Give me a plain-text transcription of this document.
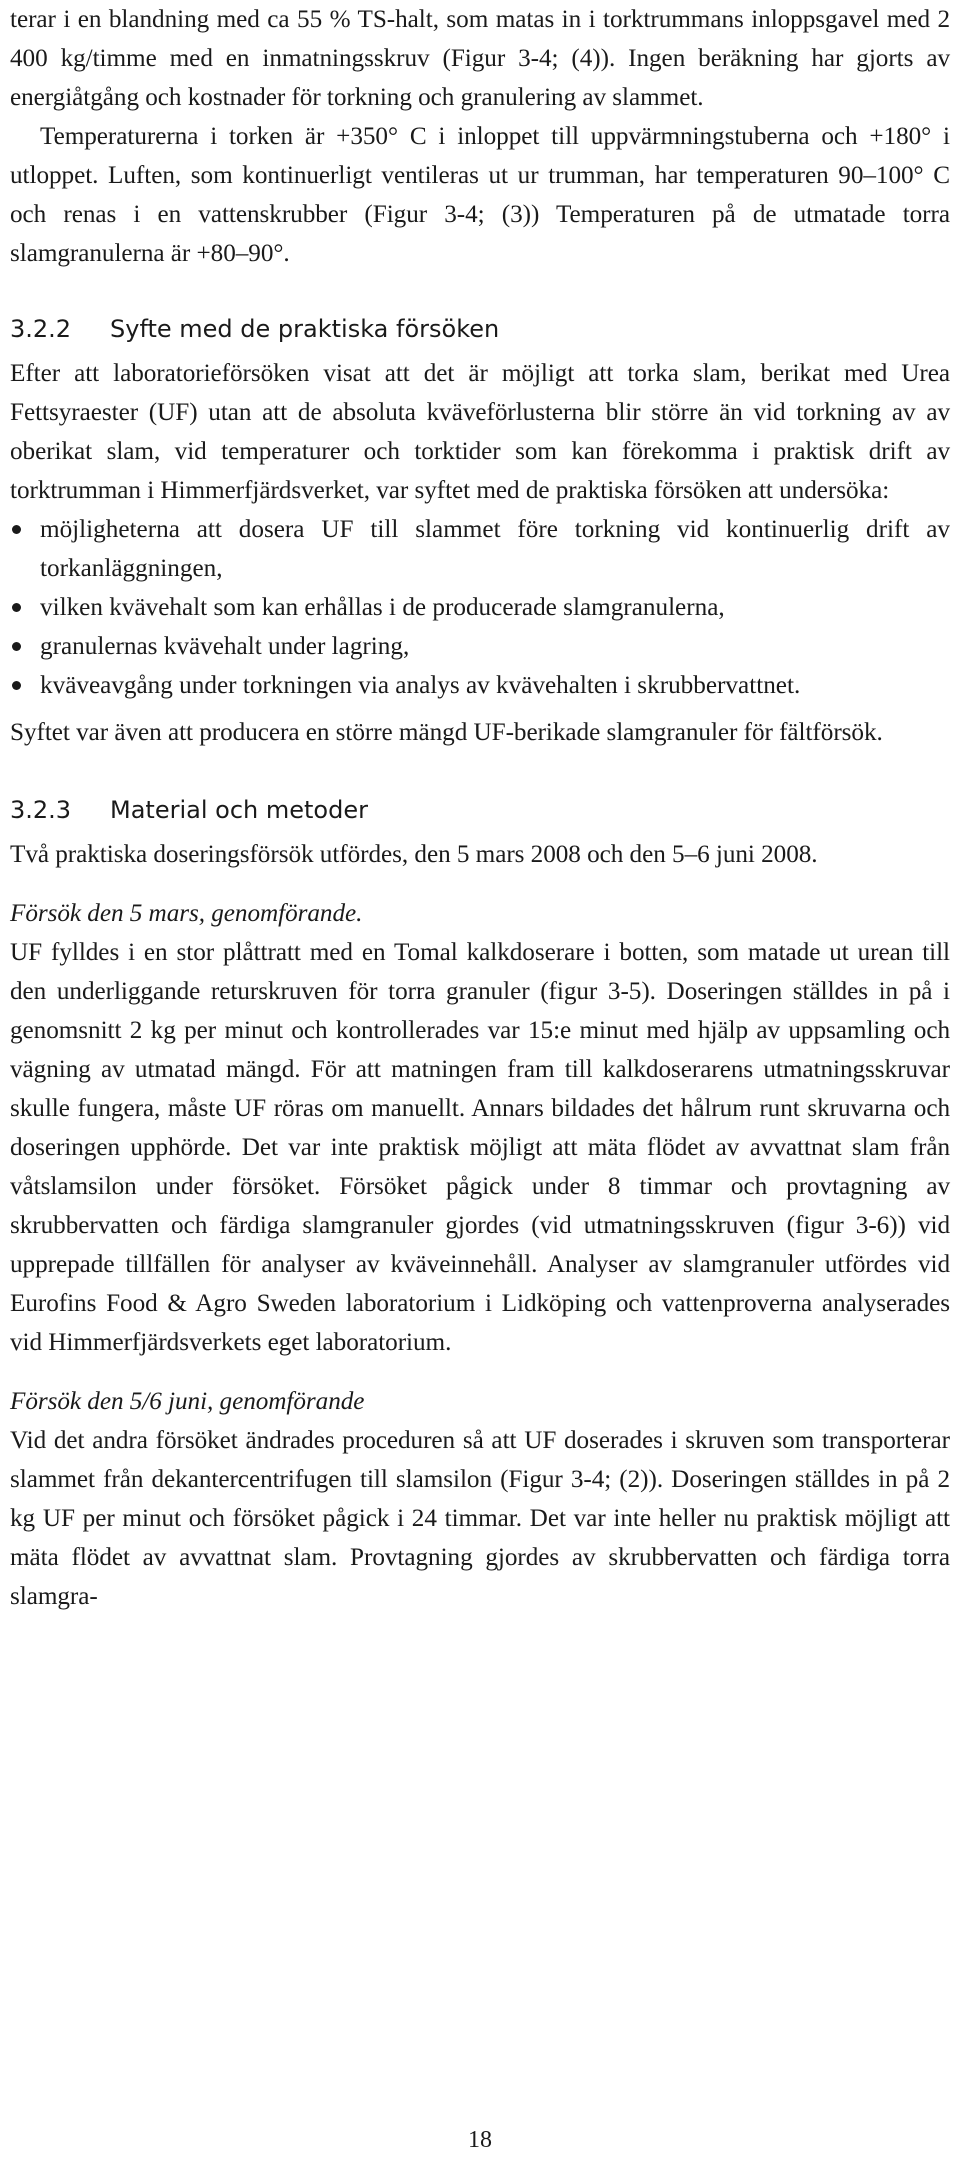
terar i en blandning med ca 55 % TS-halt, som matas in i torktrummans inloppsgavel med 2 400 kg/timme med en inmatningsskruv (Figur 3-4; (4)). Ingen beräkning har gjorts av energiåtgång och kostnader för torkning och granulering av slammet.

Temperaturerna i torken är +350° C i inloppet till uppvärmningstuberna och +180° i utloppet. Luften, som kontinuerligt ventileras ut ur trumman, har temperaturen 90–100° C och renas i en vattenskrubber (Figur 3-4; (3)) Temperaturen på de utmatade torra slamgranulerna är +80–90°.

3.2.2 Syfte med de praktiska försöken

Efter att laboratorieförsöken visat att det är möjligt att torka slam, berikat med Urea Fettsyraester (UF) utan att de absoluta kväveförlusterna blir större än vid torkning av av oberikat slam, vid temperaturer och torktider som kan förekomma i praktisk drift av torktrumman i Himmerfjärdsverket, var syftet med de praktiska försöken att undersöka:

möjligheterna att dosera UF till slammet före torkning vid kontinuerlig drift av torkanläggningen,
vilken kvävehalt som kan erhållas i de producerade slamgranulerna,
granulernas kvävehalt under lagring,
kväveavgång under torkningen via analys av kvävehalten i skrubbervattnet.

Syftet var även att producera en större mängd UF-berikade slamgranuler för fältförsök.

3.2.3 Material och metoder

Två praktiska doseringsförsök utfördes, den 5 mars 2008 och den 5–6 juni 2008.

Försök den 5 mars, genomförande.

UF fylldes i en stor plåttratt med en Tomal kalkdoserare i botten, som matade ut urean till den underliggande returskruven för torra granuler (figur 3-5). Doseringen ställdes in på i genomsnitt 2 kg per minut och kontrollerades var 15:e minut med hjälp av uppsamling och vägning av utmatad mängd. För att matningen fram till kalkdoserarens utmatningsskruvar skulle fungera, måste UF röras om manuellt. Annars bildades det hålrum runt skruvarna och doseringen upphörde. Det var inte praktisk möjligt att mäta flödet av avvattnat slam från våtslamsilon under försöket. Försöket pågick under 8 timmar och provtagning av skrubbervatten och färdiga slamgranuler gjordes (vid utmatningsskruven (figur 3-6)) vid upprepade tillfällen för analyser av kväveinnehåll. Analyser av slamgranuler utfördes vid Eurofins Food & Agro Sweden laboratorium i Lidköping och vattenproverna analyserades vid Himmerfjärdsverkets eget laboratorium.

Försök den 5/6 juni, genomförande

Vid det andra försöket ändrades proceduren så att UF doserades i skruven som transporterar slammet från dekantercentrifugen till slamsilon (Figur 3-4; (2)). Doseringen ställdes in på 2 kg UF per minut och försöket pågick i 24 timmar. Det var inte heller nu praktisk möjligt att mäta flödet av avvattnat slam. Provtagning gjordes av skrubbervatten och färdiga torra slamgra-

18
